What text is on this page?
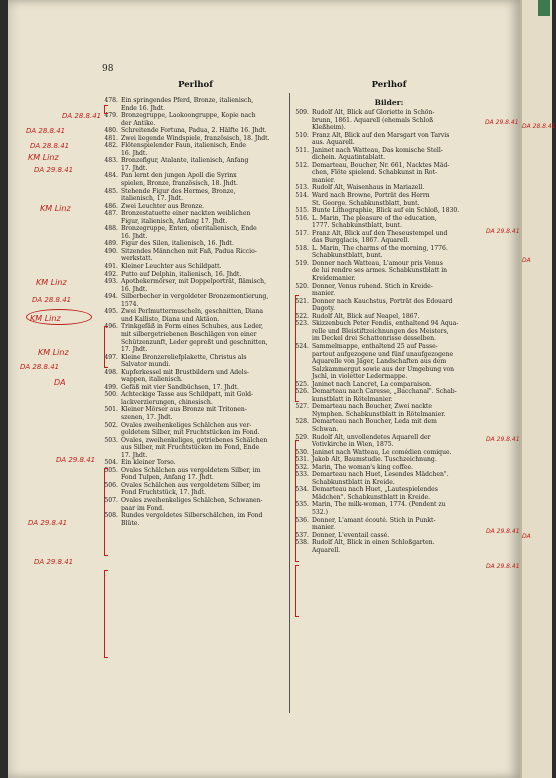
98
Perlhof	Perlhof
478. Ein springendes Pferd, Bronze, italienisch,
Ende 16. Jhdt.
479. Bronzegruppe, Laokoongruppe, Kopie nach
der Antike.
480. Schreitende Fortuna, Padua, 2. Hälfte 16. Jhdt.
481. Zwei liegende Windspiele, französisch, 18. Jhdt.
482. Flötenspielender Faun, italienisch, Ende
16. Jhdt.
483. Bronzefigur, Atalante, italienisch, Anfang
17. Jhdt.
484. Pan lernt den jungen Apoll die Syrinx
spielen, Bronze, französisch, 18. Jhdt.
485. Stehende Figur des Hermes, Bronze,
italienisch, 17. Jhdt.
486. Zwei Leuchter aus Bronze.
487. Bronzestatuette einer nackten weiblichen
Figur, italienisch, Anfang 17. Jhdt.
488. Bronzegruppe, Enten, oberitalienisch, Ende
16. Jhdt.
489. Figur des Silen, italienisch, 16. Jhdt.
490. Sitzendes Männchen mit Faß, Padua Riccio-
werkstatt.
491. Kleiner Leuchter aus Schildpatt.
492. Putto auf Delphin, italienisch, 16. Jhdt.
493. Apothekermörser, mit Doppelporträt, flämisch,
16. Jhdt.
494. Silberbecher in vergoldeter Bronzemontierung,
1574.
495. Zwei Perlmuttermuscheln, geschnitten, Diana
und Kallisto, Diana und Aktäon.
496. Trinkgefäß in Form eines Schuhes, aus Leder,
mit silbergetriebenen Beschlägen von einer
Schützenzunft, Leder gepreßt und geschnitten,
17. Jhdt.
497. Kleine Bronzereliefplakette, Christus als
Salvator mundi.
498. Kupferkessel mit Brustbildern und Adels-
wappen, italienisch.
499. Gefäß mit vier Sandbüchsen, 17. Jhdt.
500. Achteckige Tasse aus Schildpatt, mit Gold-
lackverzierungen, chinesisch.
501. Kleiner Mörser aus Bronze mit Tritonen-
szenen, 17. Jhdt.
502. Ovales zweihenkeliges Schälchen aus ver-
goldetem Silber, mit Fruchtstücken im Fond.
503. Ovales, zweihenkeliges, getriebenes Schälchen
aus Silber, mit Fruchtstücken im Fond, Ende
17. Jhdt.
504. Ein kleiner Torso.
505. Ovales Schälchen aus vergoldetem Silber, im
Fond Tulpen, Anfang 17. Jhdt.
506. Ovales Schälchen aus vergoldetem Silber, im
Fond Fruchtstück, 17. Jhdt.
507. Ovales zweihenkeliges Schälchen, Schwanen-
paar im Fond.
508. Rundes vergoldetes Silberschälchen, im Fond
Blüte.
Bilder:
509. Rudolf Alt, Blick auf Gloriette in Schön-
brunn, 1861. Aquarell (ehemals Schloß
Kleßheim).
510. Franz Alt, Blick auf den Marsgart von Tarvis
aus. Aquarell.
511. Janinet nach Watteau, Das komische Stell-
dichein. Aquatintablatt.
512. Demarteau, Boucher, Nr. 661, Nacktes Mäd-
chen, Flöte spielend. Schabkunst in Rot-
manier.
513. Rudolf Alt, Waisenhaus in Mariazell.
514. Ward nach Browne, Porträt des Herrn
St. George. Schabkunstblatt, bunt.
515. Bunte Lithographie, Blick auf ein Schloß, 1830.
516. L. Marin, The pleasure of the education,
1777. Schabkunstblatt, bunt.
517. Franz Alt, Blick auf den Theseustempel und
das Burgglacis, 1867. Aquarell.
518. L. Marin, The charms of the morning, 1776.
Schabkunstblatt, bunt.
519. Donner nach Watteau, L'amour pris Venus
de lui rendre ses armes. Schabkunstblatt in
Kreidemanier.
520. Donner, Venus ruhend. Stich in Kreide-
manier.
521. Donner nach Kauchstus, Porträt des Edouard
Dagoty.
522. Rudolf Alt, Blick auf Neapel, 1867.
523. Skizzenbuch Peter Fendis, enthaltend 94 Aqua-
relle und Bleistiftzeichnungen des Meisters,
im Deckel drei Schattenrisse desselben.
524. Sammelmappe, enthaltend 25 auf Passe-
partout aufgezogene und fünf unaufgezogene
Aquarelle von Jäger, Landschaften aus dem
Salzkammergut sowie aus der Umgebung von
Jschl, in violetter Ledermappe.
525. Janinet nach Lancret, La comparaison.
526. Demarteau nach Caresse, „Bacchanal". Schab-
kunstblatt in Rötelmanier.
527. Demarteau nach Boucher, Zwei nackte
Nymphen. Schabkunstblatt in Rötelmanier.
528. Demarteau nach Boucher, Leda mit dem
Schwan.
529. Rudolf Alt, unvollendetes Aquarell der
Votivkirche in Wien, 1875.
530. Janinet nach Watteau, Le comédien comique.
531. Jakob Alt, Baumstudie. Tuschzeichnung.
532. Marin, The woman's king coffee.
533. Demarteau nach Huet, Lesendes Mädchen".
Schabkunstblatt in Kreide.
534. Demarteau nach Huet, „Lautespielendes
Mädchen". Schabkunstblatt in Kreide.
535. Marin, The milk-woman, 1774. (Pendent zu
532.)
536. Donner, L'amant écouté. Stich in Punkt-
manier.
537. Donner, L'eventail cassé.
538. Rudolf Alt, Blick in einen Schloßgarten.
Aquarell.
DA 28.8.41
DA 28.8.41
DA 28.8.41
KM Linz
DA 29.8.41
KM Linz
KM Linz
DA 28.8.41
KM Linz
KM Linz
DA 28.8.41
DA
DA 29.8.41
DA 29.8.41
DA 29.8.41
DA 29.8.41
DA 29.8.41
DA 29.8.41
DA 29.8.41
DA 29.8.41
DA 28.8.41
DA
DA
